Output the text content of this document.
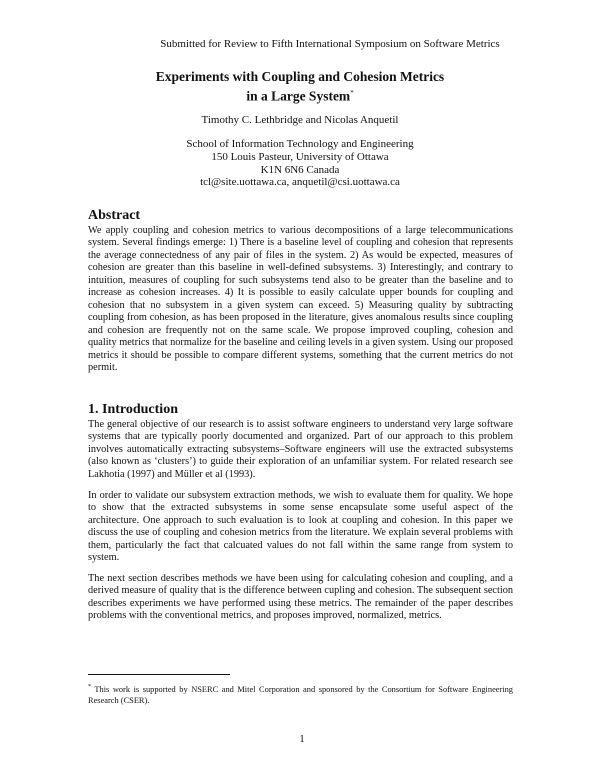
Submitted for Review to Fifth International Symposium on Software Metrics
Experiments with Coupling and Cohesion Metrics
in a Large System*
Timothy C. Lethbridge and Nicolas Anquetil
School of Information Technology and Engineering
150 Louis Pasteur, University of Ottawa
K1N 6N6 Canada
tcl@site.uottawa.ca, anquetil@csi.uottawa.ca
Abstract

We apply coupling and cohesion metrics to various decompositions of a large telecommunications system. Several findings emerge: 1) There is a baseline level of coupling and cohesion that represents the average connectedness of any pair of files in the system. 2) As would be expected, measures of cohesion are greater than this baseline in well-defined subsystems. 3) Interestingly, and contrary to intuition, measures of coupling for such subsystems tend also to be greater than the baseline and to increase as cohesion increases. 4) It is possible to easily calculate upper bounds for coupling and cohesion that no subsystem in a given system can exceed. 5) Measuring quality by subtracting coupling from cohesion, as has been proposed in the literature, gives anomalous results since coupling and cohesion are frequently not on the same scale. We propose improved coupling, cohesion and quality metrics that normalize for the baseline and ceiling levels in a given system. Using our proposed metrics it should be possible to compare different systems, something that the current metrics do not permit.

1. Introduction

The general objective of our research is to assist software engineers to understand very large software systems that are typically poorly documented and organized. Part of our approach to this problem involves automatically extracting subsystems–Software engineers will use the extracted subsystems (also known as ‘clusters’) to guide their exploration of an unfamiliar system. For related research see Lakhotia (1997) and Müller et al (1993).

In order to validate our subsystem extraction methods, we wish to evaluate them for quality. We hope to show that the extracted subsystems in some sense encapsulate some useful aspect of the architecture. One approach to such evaluation is to look at coupling and cohesion. In this paper we discuss the use of coupling and cohesion metrics from the literature. We explain several problems with them, particularly the fact that calcuated values do not fall within the same range from system to system.

The next section describes methods we have been using for calculating cohesion and coupling, and a derived measure of quality that is the difference between cupling and cohesion. The subsequent section describes experiments we have performed using these metrics. The remainder of the paper describes problems with the conventional metrics, and proposes improved, normalized, metrics.

* This work is supported by NSERC and Mitel Corporation and sponsored by the Consortium for Software Engineering Research (CSER).
1
